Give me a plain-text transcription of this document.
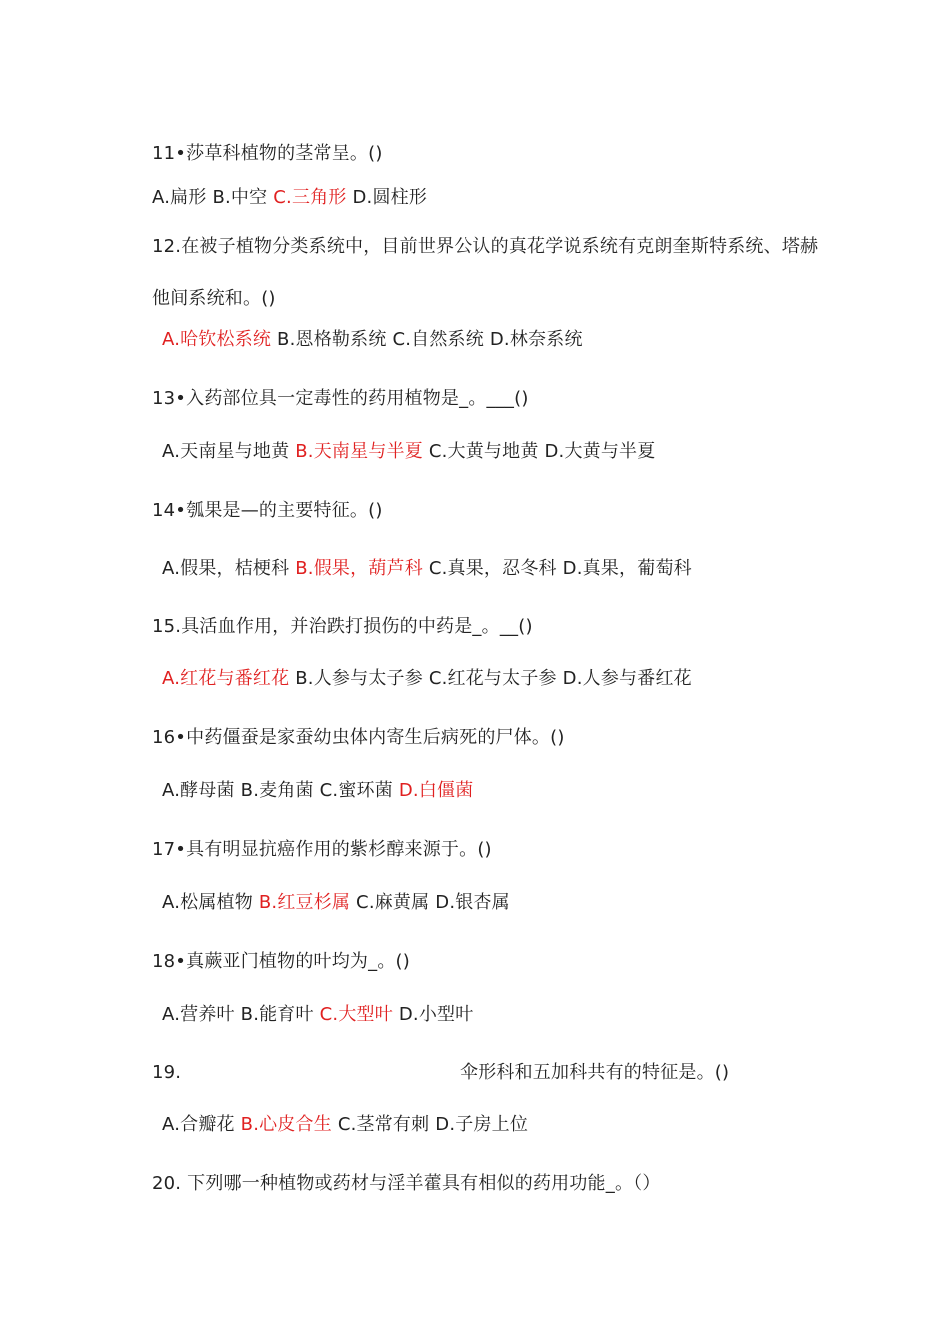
11•莎草科植物的茎常呈。()
A.扁形 B.中空 C.三角形 D.圆柱形
12.在被子植物分类系统中，目前世界公认的真花学说系统有克朗奎斯特系统、塔赫
他间系统和。()
A.哈钦松系统 B.恩格勒系统 C.自然系统 D.林奈系统
13•入药部位具一定毒性的药用植物是_。___()
A.天南星与地黄 B.天南星与半夏 C.大黄与地黄 D.大黄与半夏
14•瓠果是—的主要特征。()
A.假果，桔梗科 B.假果，葫芦科 C.真果，忍冬科 D.真果，葡萄科
15.具活血作用，并治跌打损伤的中药是_。__()
A.红花与番红花 B.人参与太子参 C.红花与太子参 D.人参与番红花
16•中药僵蚕是家蚕幼虫体内寄生后病死的尸体。()
A.酵母菌 B.麦角菌 C.蜜环菌 D.白僵菌
17•具有明显抗癌作用的紫杉醇来源于。()
A.松属植物 B.红豆杉属 C.麻黄属 D.银杏属
18•真蕨亚门植物的叶均为_。()
A.营养叶 B.能育叶 C.大型叶 D.小型叶
19.	伞形科和五加科共有的特征是。()
A.合瓣花 B.心皮合生 C.茎常有刺 D.子房上位
20. 下列哪一种植物或药材与淫羊藿具有相似的药用功能_。（）
